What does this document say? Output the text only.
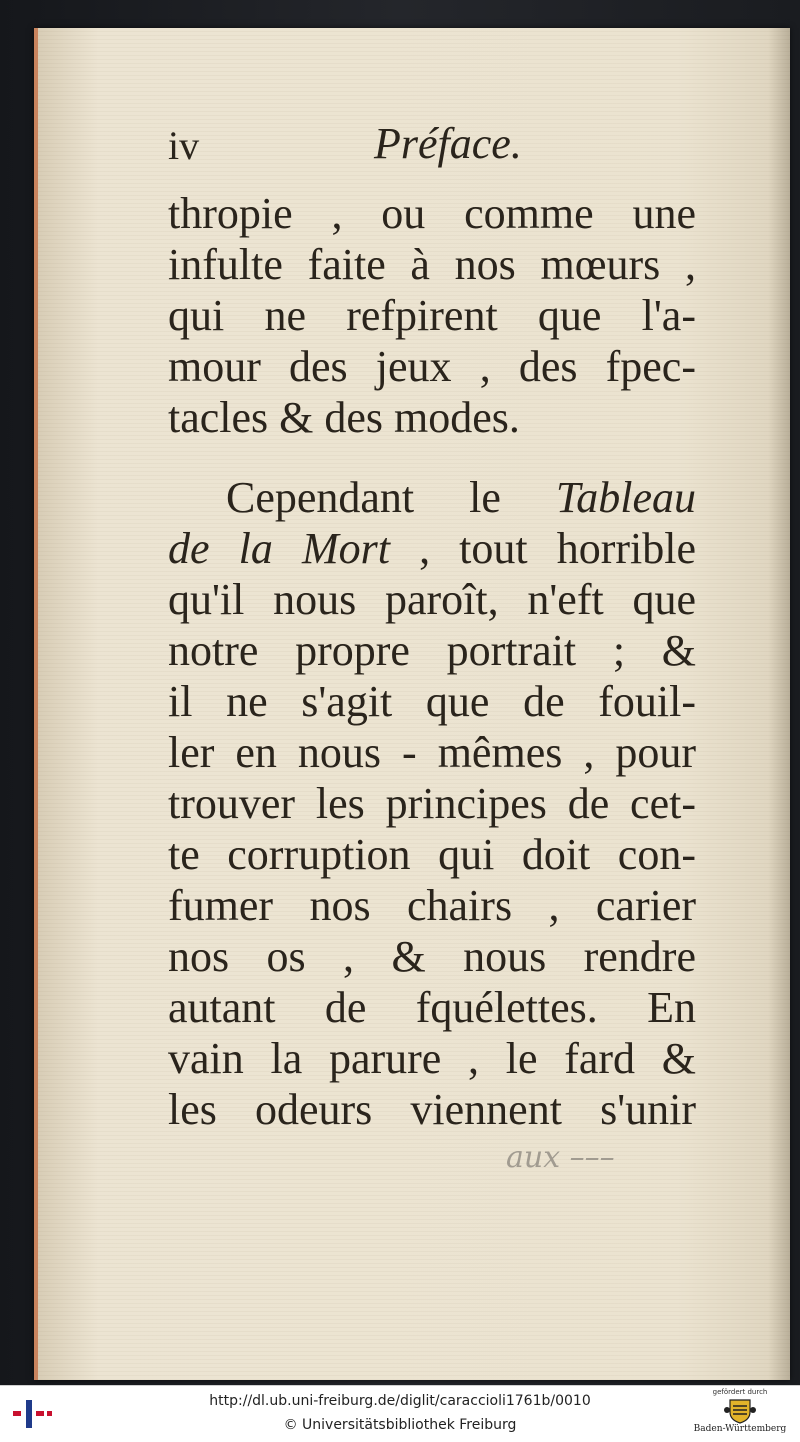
iv	Préface.
thropie , ou comme une
infulte faite à nos mœurs ,
qui ne refpirent que l'a-
mour des jeux , des fpec-
tacles & des modes.
Cependant le Tableau
de la Mort , tout horrible
qu'il nous paroît, n'eft que
notre propre portrait ; &
il ne s'agit que de fouil-
ler en nous - mêmes , pour
trouver les principes de cet-
te corruption qui doit con-
fumer nos chairs , carier
nos os , & nous rendre
autant de fquélettes. En
vain la parure , le fard &
les odeurs viennent s'unir
aux –––
http://dl.ub.uni-freiburg.de/diglit/caraccioli1761b/0010
© Universitätsbibliothek Freiburg
gefördert durch
Baden-Württemberg
